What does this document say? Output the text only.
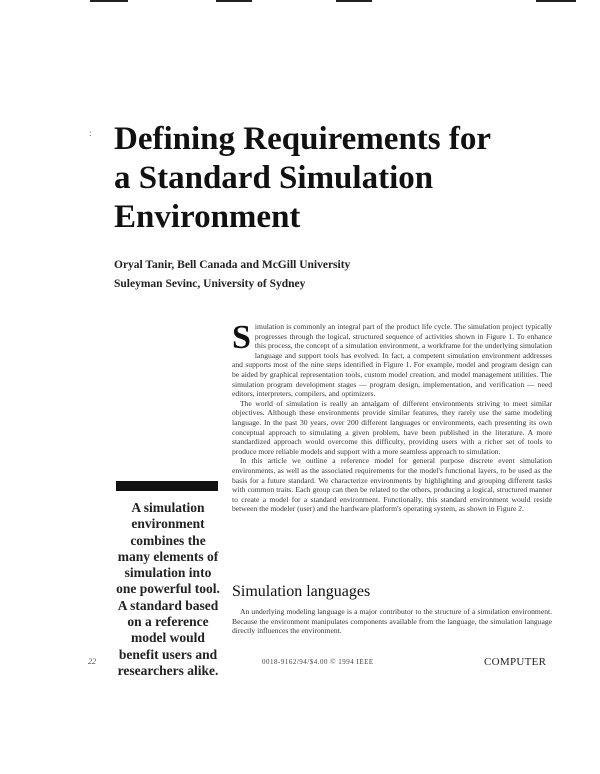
: Defining Requirements for
a Standard Simulation
Environment
Oryal Tanir, Bell Canada and McGill University
Suleyman Sevinc, University of Sydney

Simulation is commonly an integral part of the product life cycle. The simulation project typically progresses through the logical, structured sequence of activities shown in Figure 1. To enhance this process, the concept of a simulation environment, a workframe for the underlying simulation language and support tools has evolved. In fact, a competent simulation environment addresses and supports most of the nine steps identified in Figure 1. For example, model and program design can be aided by graphical representation tools, custom model creation, and model management utilities. The simulation program development stages — program design, implementation, and verification — need editors, interpreters, compilers, and optimizers.

The world of simulation is really an amalgam of different environments striving to meet similar objectives. Although these environments provide similar features, they rarely use the same modeling language. In the past 30 years, over 200 different languages or environments, each presenting its own conceptual approach to simulating a given problem, have been published in the literature. A more standardized approach would overcome this difficulty, providing users with a richer set of tools to produce more reliable models and support with a more seamless approach to simulation.

In this article we outline a reference model for general purpose discrete event simulation environments, as well as the associated requirements for the model's functional layers, to be used as the basis for a future standard. We characterize environments by highlighting and grouping different tasks with common traits. Each group can then be related to the others, producing a logical, structured manner to create a model for a standard environment. Functionally, this standard environment would reside between the modeler (user) and the hardware platform's operating system, as shown in Figure 2.

A simulation environment combines the many elements of simulation into one powerful tool. A standard based on a reference model would benefit users and researchers alike.
Simulation languages

An underlying modeling language is a major contributor to the structure of a simulation environment. Because the environment manipulates components available from the language, the simulation language directly influences the environment.

22	0018-9162/94/$4.00 © 1994 IEEE	COMPUTER
